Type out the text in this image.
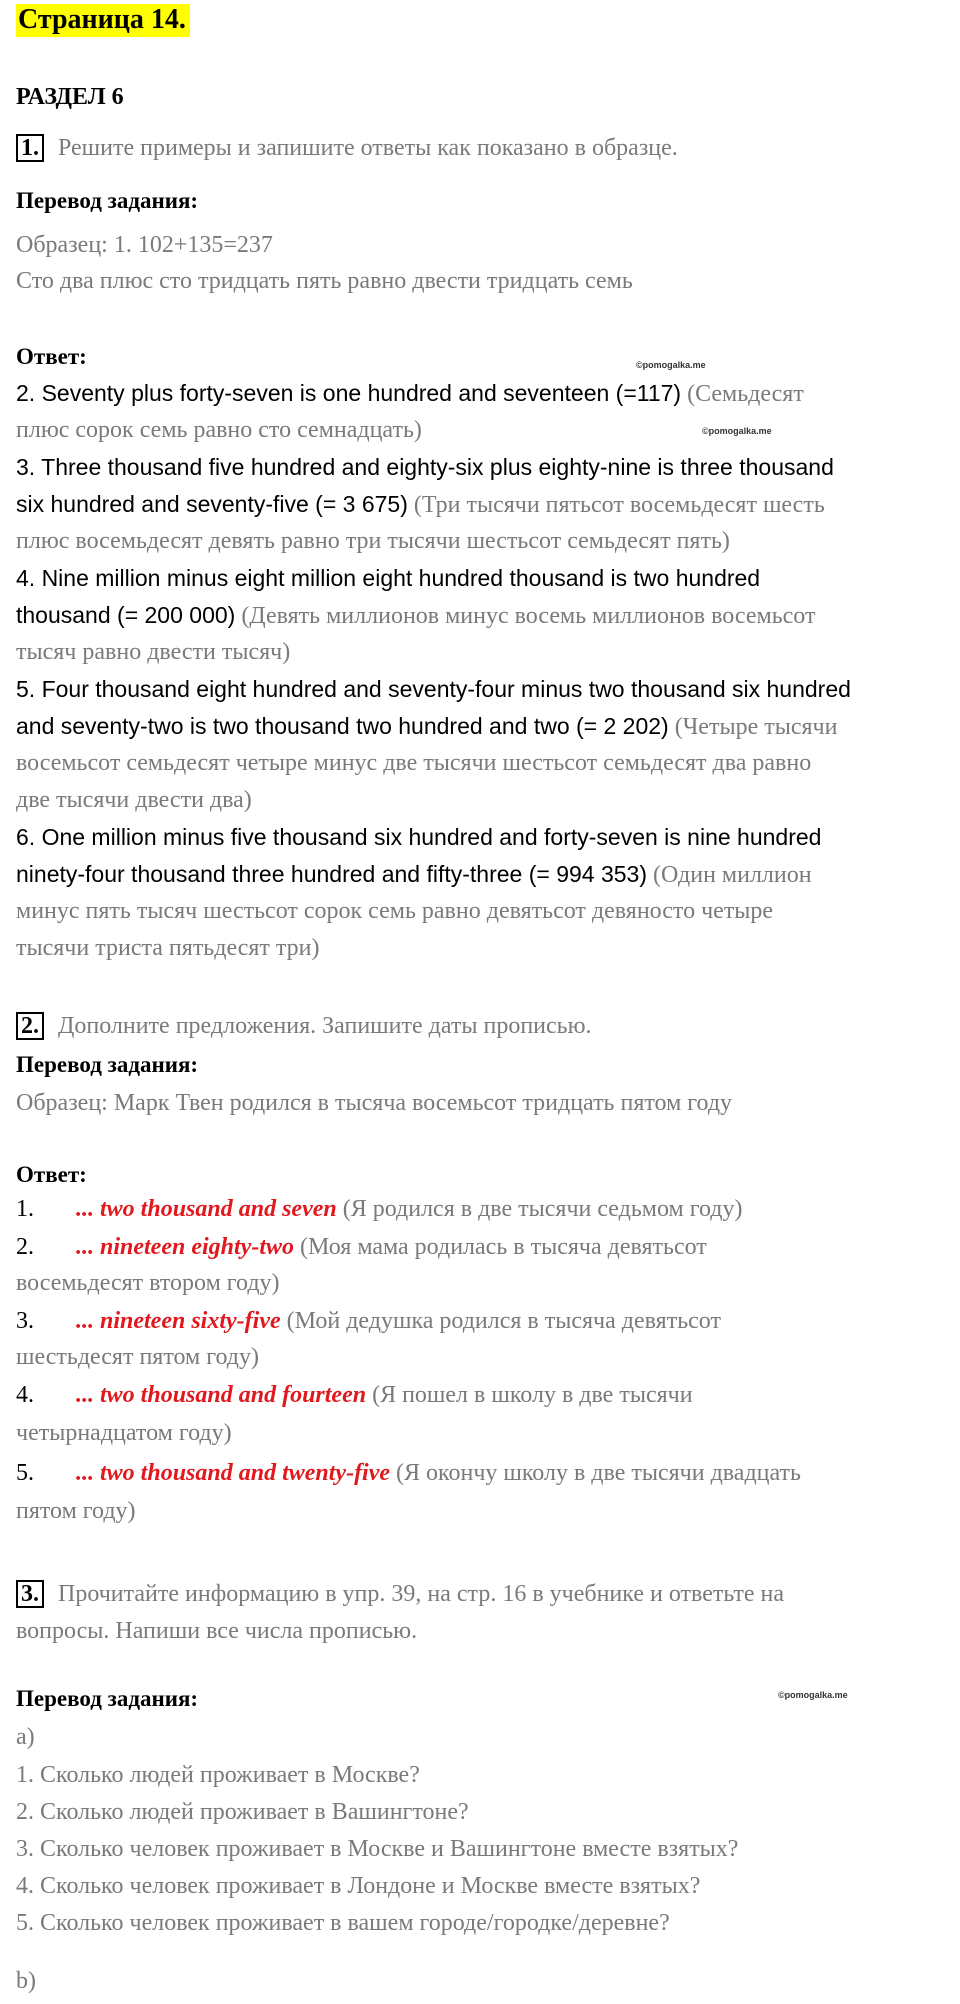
Страница 14.
РАЗДЕЛ 6
1. Решите примеры и запишите ответы как показано в образце.
Перевод задания:
Образец: 1. 102+135=237
Сто два плюс сто тридцать пять равно двести тридцать семь
Ответ:	©pomogalka.me
2. Seventy plus forty-seven is one hundred and seventeen (=117) (Семьдесят
плюс сорок семь равно сто семнадцать)
3. Three thousand five hundred and eighty-six plus eighty-nine is three thousand
six hundred and seventy-five (= 3 675) (Три тысячи пятьсот восемьдесят шесть
плюс восемьдесят девять равно три тысячи шестьсот семьдесят пять)
4. Nine million minus eight million eight hundred thousand is two hundred
thousand (= 200 000) (Девять миллионов минус восемь миллионов восемьсот
тысяч равно двести тысяч)
5. Four thousand eight hundred and seventy-four minus two thousand six hundred
and seventy-two is two thousand two hundred and two (= 2 202) (Четыре тысячи
восемьсот семьдесят четыре минус две тысячи шестьсот семьдесят два равно
две тысячи двести два)
6. One million minus five thousand six hundred and forty-seven is nine hundred
ninety-four thousand three hundred and fifty-three (= 994 353) (Один миллион
минус пять тысяч шестьсот сорок семь равно девятьсот девяносто четыре
тысячи триста пятьдесят три)
©pomogalka.me
2. Дополните предложения. Запишите даты прописью.
Перевод задания:
Образец: Марк Твен родился в тысяча восемьсот тридцать пятом году
Ответ:
1. ... two thousand and seven (Я родился в две тысячи седьмом году)
2. ... nineteen eighty-two (Моя мама родилась в тысяча девятьсот
восемьдесят втором году)
3. ... nineteen sixty-five (Мой дедушка родился в тысяча девятьсот
шестьдесят пятом году)
4. ... two thousand and fourteen (Я пошел в школу в две тысячи
четырнадцатом году)
5. ... two thousand and twenty-five (Я окончу школу в две тысячи двадцать
пятом году)
3. Прочитайте информацию в упр. 39, на стр. 16 в учебнике и ответьте на
вопросы. Напиши все числа прописью.
Перевод задания:	©pomogalka.me
a)
1. Сколько людей проживает в Москве?
2. Сколько людей проживает в Вашингтоне?
3. Сколько человек проживает в Москве и Вашингтоне вместе взятых?
4. Сколько человек проживает в Лондоне и Москве вместе взятых?
5. Сколько человек проживает в вашем городе/городке/деревне?
b)
